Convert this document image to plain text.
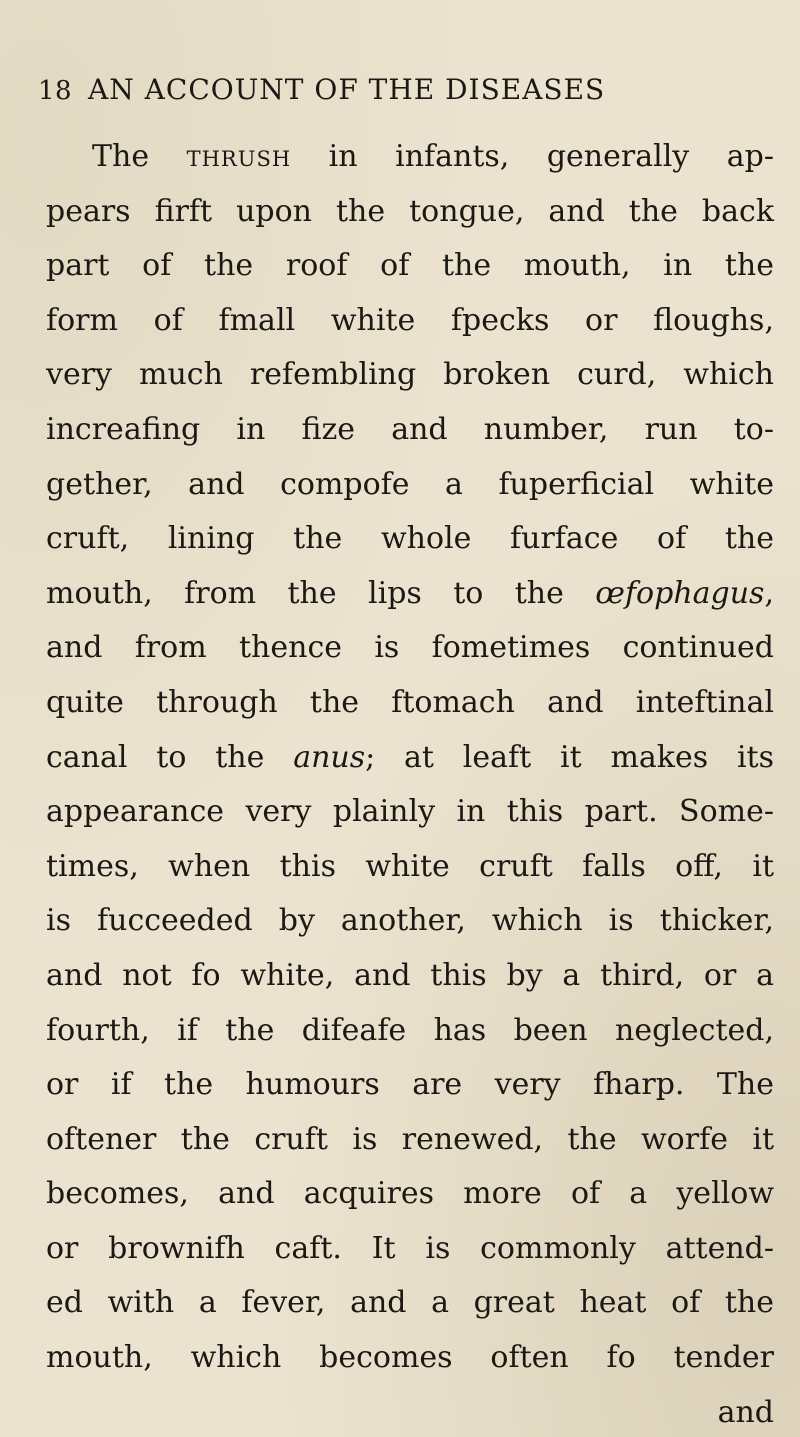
18 AN ACCOUNT OF THE DISEASES
The thrush in infants, generally ap-
pears firft upon the tongue, and the back
part of the roof of the mouth, in the
form of fmall white fpecks or floughs,
very much refembling broken curd, which
increafing in fize and number, run to-
gether, and compofe a fuperficial white
cruft, lining the whole furface of the
mouth, from the lips to the œfophagus,
and from thence is fometimes continued
quite through the ftomach and inteftinal
canal to the anus; at leaft it makes its
appearance very plainly in this part. Some-
times, when this white cruft falls off, it
is fucceeded by another, which is thicker,
and not fo white, and this by a third, or a
fourth, if the difeafe has been neglected,
or if the humours are very fharp. The
oftener the cruft is renewed, the worfe it
becomes, and acquires more of a yellow
or brownifh caft. It is commonly attend-
ed with a fever, and a great heat of the
mouth, which becomes often fo tender
and
